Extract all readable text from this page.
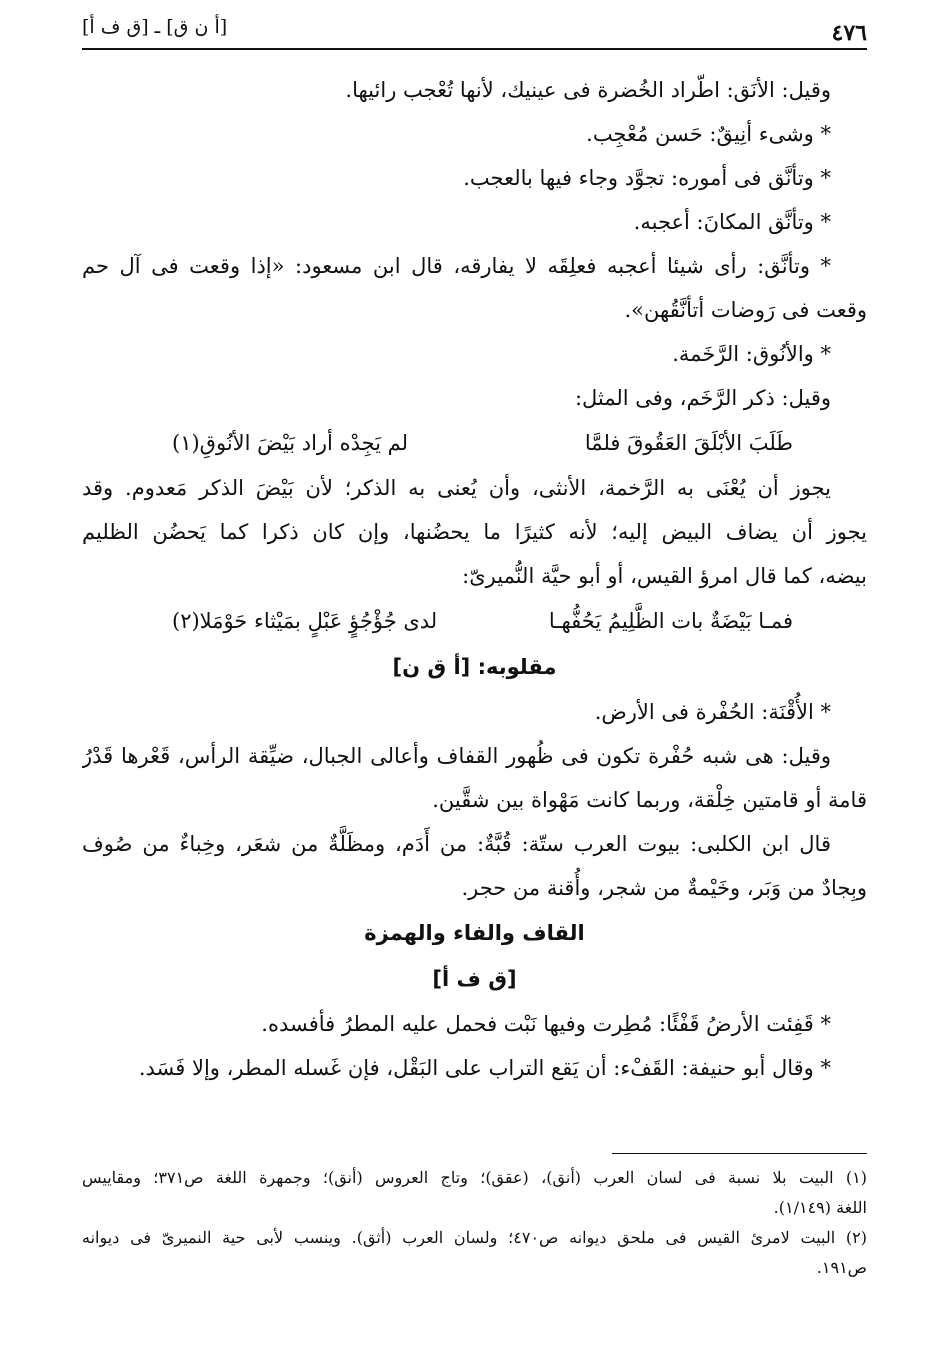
٤٧٦
[أ ن ق] ـ [ق ف أ]
وقيل: الأنَق: اطّراد الخُضرة فى عينيك، لأنها تُعْجب رائيها.
* وشىء أنِيقٌ: حَسن مُعْجِب.
* وتأنَّق فى أموره: تجوَّد وجاء فيها بالعجب.
* وتأنَّق المكانَ: أعجبه.
* وتأنَّق: رأى شيئا أعجبه فعلِقَه لا يفارقه، قال ابن مسعود: «إذا وقعت فى آل حم
وقعت فى رَوضات أتأنَّقُهن».
* والأنُوق: الرَّخَمة.
وقيل: ذكر الرَّخَم، وفى المثل:
طَلَبَ الأبْلَقَ العَقُوقَ فلمَّا
لم يَجِدْه أراد بَيْضَ الأنُوقِ(١)
يجوز أن يُعْنَى به الرَّخمة، الأنثى، وأن يُعنى به الذكر؛ لأن بَيْضَ الذكر مَعدوم. وقد
يجوز أن يضاف البيض إليه؛ لأنه كثيرًا ما يحضُنها، وإن كان ذكرا كما يَحضُن الظليم
بيضه، كما قال امرؤ القيس، أو أبو حيَّة النُّميرىّ:
فمـا بَيْضَةٌ بات الظَّلِيمُ يَحُفُّهـا
لدى جُؤْجُؤٍ عَبْلٍ بمَيْثاء حَوْمَلا(٢)
مقلوبه: [أ ق ن]
* الأُقْنَة: الحُفْرة فى الأرض.
وقيل: هى شبه حُفْرة تكون فى ظُهور القفاف وأعالى الجبال، ضيِّقة الرأس، قَعْرها قَدْرُ
قامة أو قامتين خِلْقة، وربما كانت مَهْواة بين شقَّين.
قال ابن الكلبى: بيوت العرب ستّة: قُبَّةٌ: من أَدَم، ومظَلَّةٌ من شعَر، وخِباءٌ من صُوف
وبِجادٌ من وَبَر، وخَيْمةٌ من شجر، وأُقنة من حجر.
القاف والفاء والهمزة
[ق ف أ]
* قَفِئت الأرضُ قَفْئًا: مُطِرت وفيها نَبْت فحمل عليه المطرُ فأفسده.
* وقال أبو حنيفة: القَفْء: أن يَقع التراب على البَقْل، فإن غَسله المطر، وإلا فَسَد.
(١) البيت بلا نسبة فى لسان العرب (أنق)، (عقق)؛ وتاج العروس (أنق)؛ وجمهرة اللغة ص٣٧١؛ ومقاييس
اللغة (١/١٤٩).
(٢) البيت لامرئ القيس فى ملحق ديوانه ص٤٧٠؛ ولسان العرب (أثق). وينسب لأبى حية النميرىّ فى ديوانه
ص١٩١.
